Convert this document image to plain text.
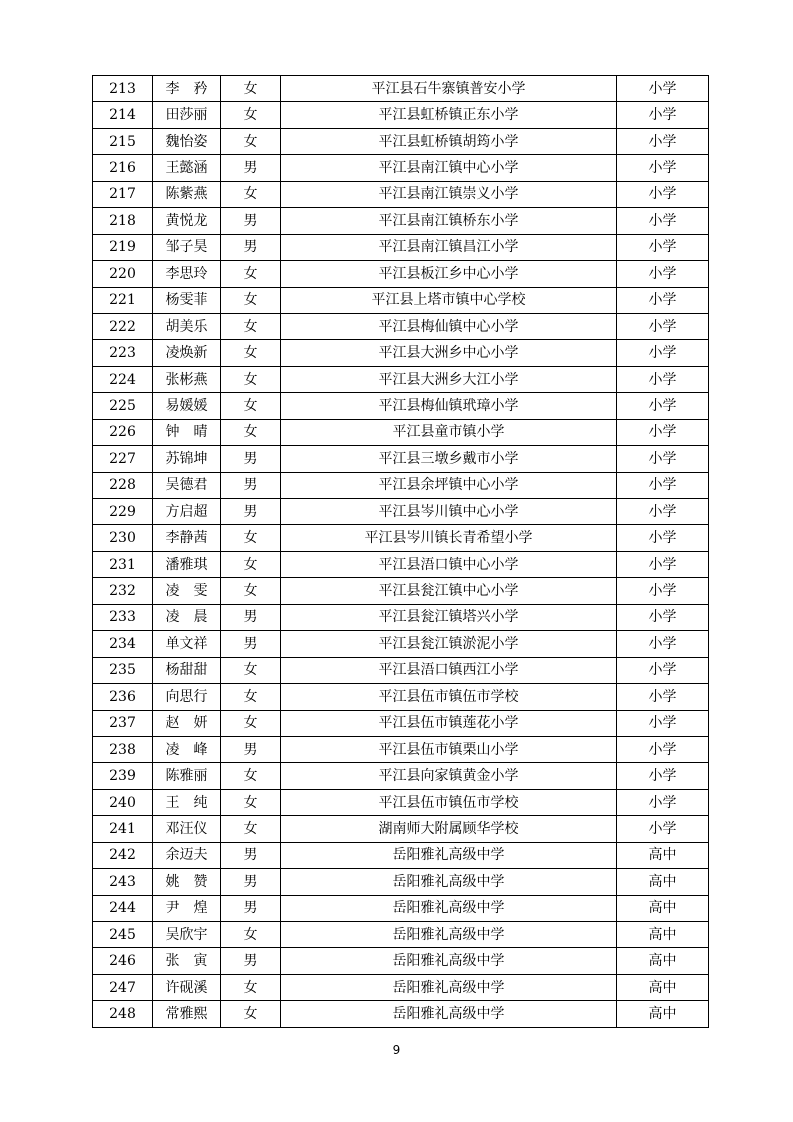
213	李　矜	女	平江县石牛寨镇普安小学	小学
214	田莎丽	女	平江县虹桥镇正东小学	小学
215	魏怡姿	女	平江县虹桥镇胡筠小学	小学
216	王懿涵	男	平江县南江镇中心小学	小学
217	陈紫燕	女	平江县南江镇崇义小学	小学
218	黄悦龙	男	平江县南江镇桥东小学	小学
219	邹子昊	男	平江县南江镇昌江小学	小学
220	李思玲	女	平江县板江乡中心小学	小学
221	杨雯菲	女	平江县上塔市镇中心学校	小学
222	胡美乐	女	平江县梅仙镇中心小学	小学
223	凌焕新	女	平江县大洲乡中心小学	小学
224	张彬燕	女	平江县大洲乡大江小学	小学
225	易媛媛	女	平江县梅仙镇玳璋小学	小学
226	钟　晴	女	平江县童市镇小学	小学
227	苏锦坤	男	平江县三墩乡戴市小学	小学
228	吴德君	男	平江县余坪镇中心小学	小学
229	方启超	男	平江县岑川镇中心小学	小学
230	李静茜	女	平江县岑川镇长青希望小学	小学
231	潘雅琪	女	平江县浯口镇中心小学	小学
232	凌　雯	女	平江县瓮江镇中心小学	小学
233	凌　晨	男	平江县瓮江镇塔兴小学	小学
234	单文祥	男	平江县瓮江镇淤泥小学	小学
235	杨甜甜	女	平江县浯口镇西江小学	小学
236	向思行	女	平江县伍市镇伍市学校	小学
237	赵　妍	女	平江县伍市镇莲花小学	小学
238	凌　峰	男	平江县伍市镇栗山小学	小学
239	陈雅丽	女	平江县向家镇黄金小学	小学
240	王　纯	女	平江县伍市镇伍市学校	小学
241	邓汪仪	女	湖南师大附属顾华学校	小学
242	余迈夫	男	岳阳雅礼高级中学	高中
243	姚　赞	男	岳阳雅礼高级中学	高中
244	尹　煌	男	岳阳雅礼高级中学	高中
245	吴欣宇	女	岳阳雅礼高级中学	高中
246	张　寅	男	岳阳雅礼高级中学	高中
247	许砚溪	女	岳阳雅礼高级中学	高中
248	常雅熙	女	岳阳雅礼高级中学	高中
9
